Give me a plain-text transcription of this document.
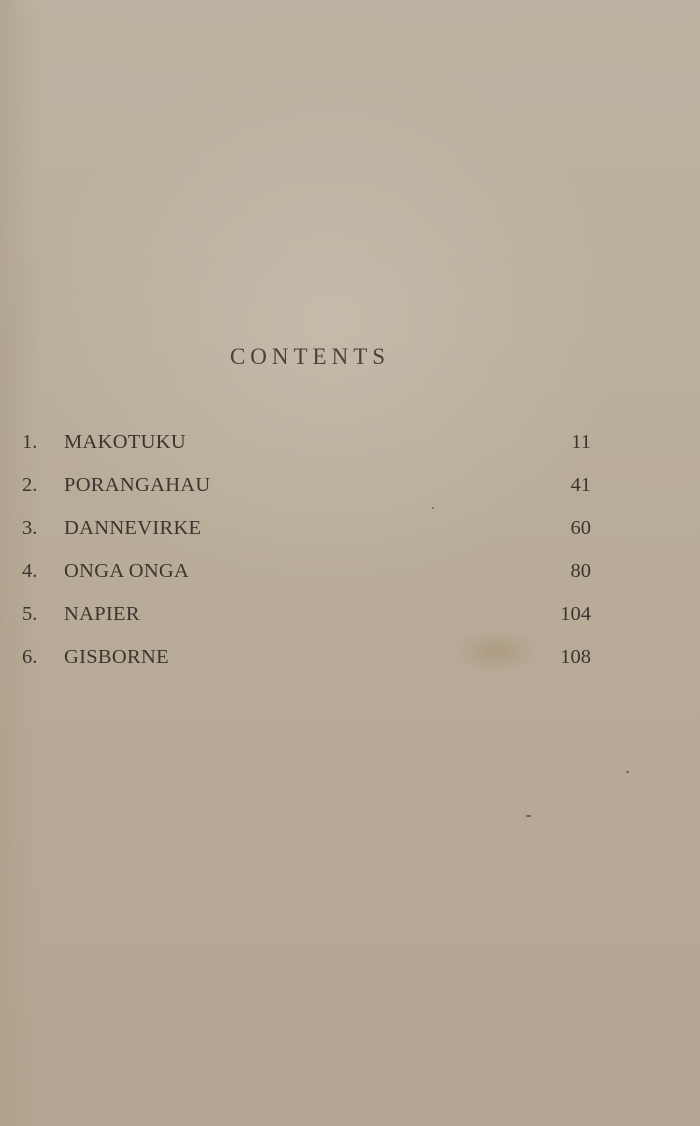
CONTENTS
1.	MAKOTUKU	11
2.	PORANGAHAU	41
3.	DANNEVIRKE	60
4.	ONGA ONGA	80
5.	NAPIER	104
6.	GISBORNE	108
